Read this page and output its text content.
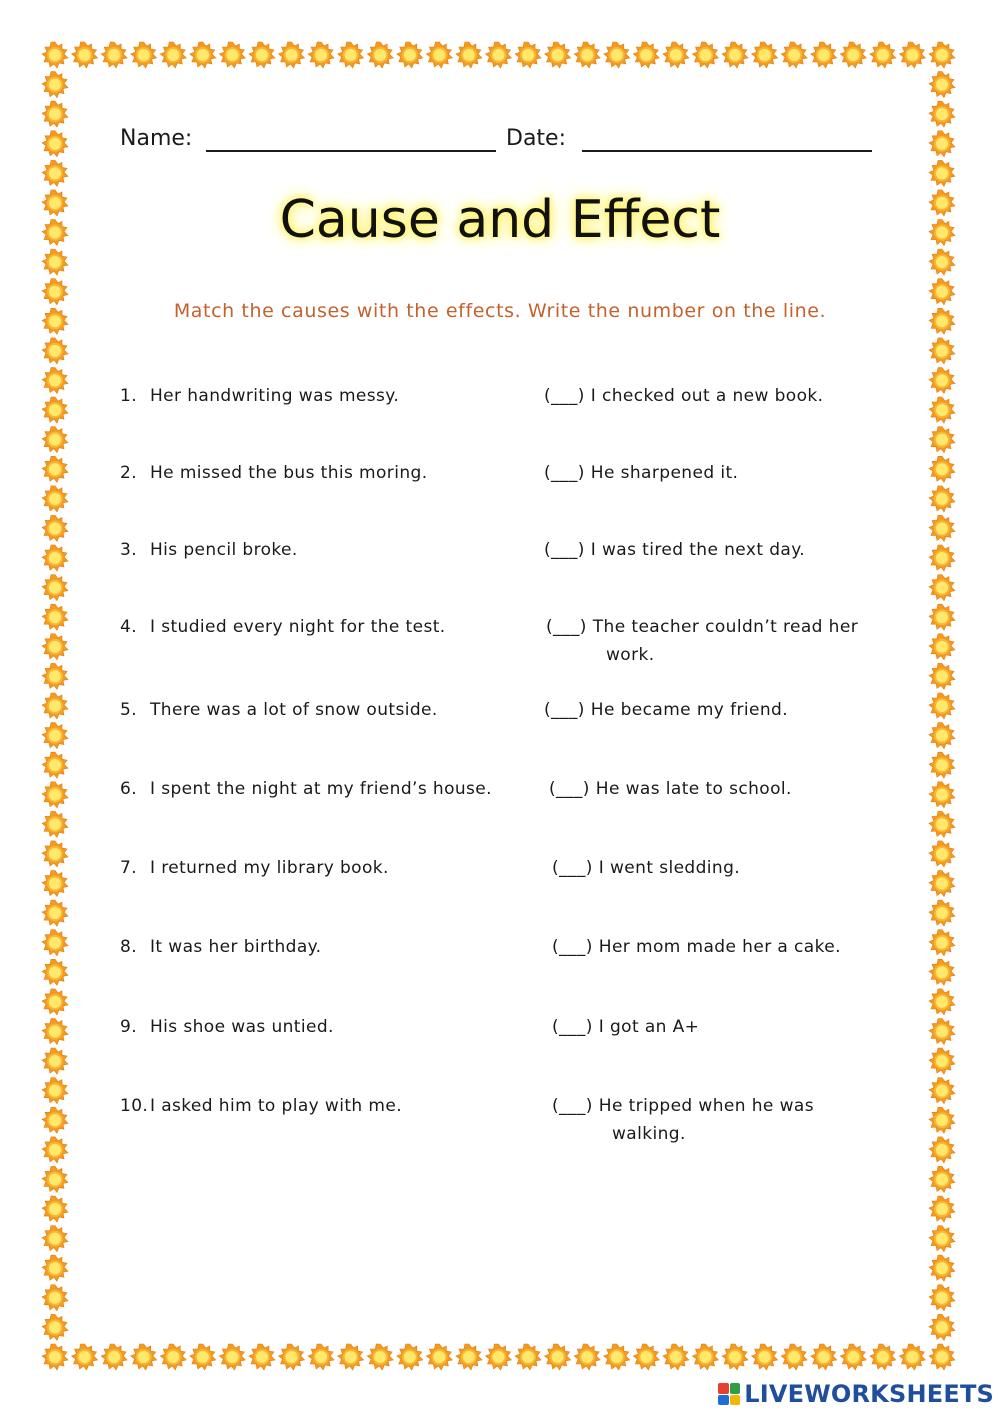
Name:	Date:
Cause and Effect
Match the causes with the effects. Write the number on the line.
1. Her handwriting was messy.	(___) I checked out a new book.
2. He missed the bus this moring.	(___) He sharpened it.
3. His pencil broke.	(___) I was tired the next day.
4. I studied every night for the test.	(___) The teacher couldn’t read her
work.
5. There was a lot of snow outside.	(___) He became my friend.
6. I spent the night at my friend’s house.	(___) He was late to school.
7. I returned my library book.	(___) I went sledding.
8. It was her birthday.	(___) Her mom made her a cake.
9. His shoe was untied.	(___) I got an A+
10. I asked him to play with me.	(___) He tripped when he was
walking.
LIVEWORKSHEETS
